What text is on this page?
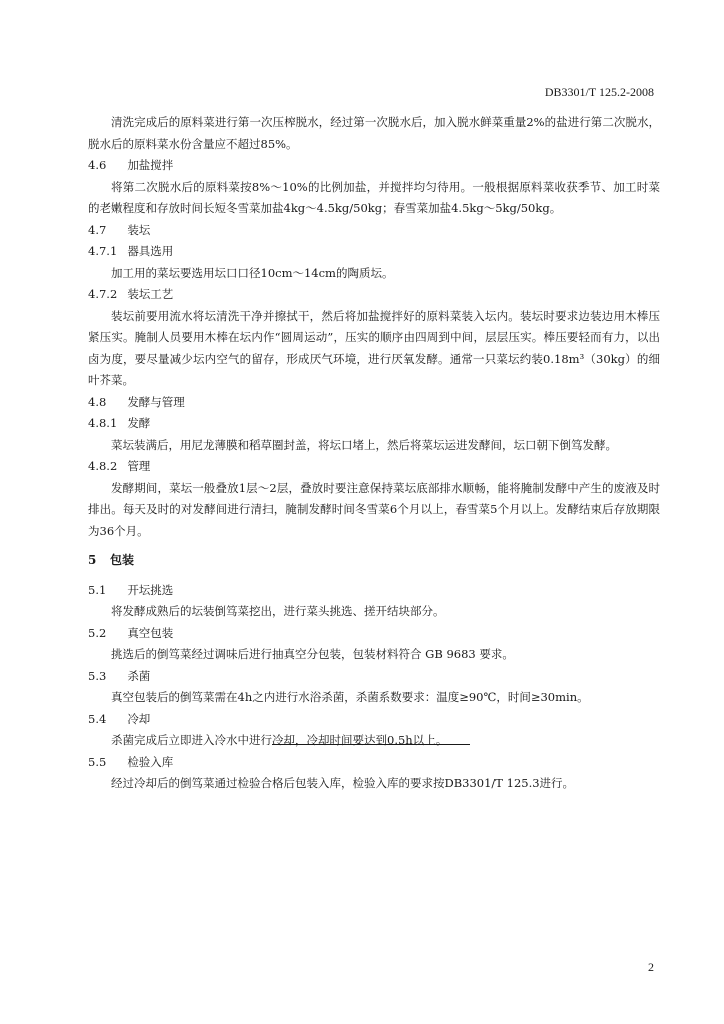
DB3301/T 125.2-2008

清洗完成后的原料菜进行第一次压榨脱水，经过第一次脱水后，加入脱水鲜菜重量2%的盐进行第二次脱水，脱水后的原料菜水份含量应不超过85%。

4.6 加盐搅拌

将第二次脱水后的原料菜按8%～10%的比例加盐，并搅拌均匀待用。一般根据原料菜收获季节、加工时菜的老嫩程度和存放时间长短冬雪菜加盐4kg～4.5kg/50kg；春雪菜加盐4.5kg～5kg/50kg。

4.7 装坛

4.7.1 器具选用

加工用的菜坛要选用坛口口径10cm～14cm的陶质坛。

4.7.2 装坛工艺

装坛前要用流水将坛清洗干净并擦拭干，然后将加盐搅拌好的原料菜装入坛内。装坛时要求边装边用木棒压紧压实。腌制人员要用木棒在坛内作“圆周运动”，压实的顺序由四周到中间，层层压实。棒压要轻而有力，以出卤为度，要尽量减少坛内空气的留存，形成厌气环境，进行厌氧发酵。通常一只菜坛约装0.18m³（30kg）的细叶芥菜。

4.8 发酵与管理

4.8.1 发酵

菜坛装满后，用尼龙薄膜和稻草圈封盖，将坛口堵上，然后将菜坛运进发酵间，坛口朝下倒笃发酵。

4.8.2 管理

发酵期间，菜坛一般叠放1层～2层，叠放时要注意保持菜坛底部排水顺畅，能将腌制发酵中产生的废液及时排出。每天及时的对发酵间进行清扫，腌制发酵时间冬雪菜6个月以上，春雪菜5个月以上。发酵结束后存放期限为36个月。

5 包装

5.1 开坛挑选

将发酵成熟后的坛装倒笃菜挖出，进行菜头挑选、搓开结块部分。

5.2 真空包装

挑选后的倒笃菜经过调味后进行抽真空分包装，包装材料符合 GB 9683 要求。

5.3 杀菌

真空包装后的倒笃菜需在4h之内进行水浴杀菌，杀菌系数要求：温度≥90℃，时间≥30min。

5.4 冷却

杀菌完成后立即进入冷水中进行冷却，冷却时间要达到0.5h以上。

5.5 检验入库

经过冷却后的倒笃菜通过检验合格后包装入库，检验入库的要求按DB3301/T 125.3进行。

2
